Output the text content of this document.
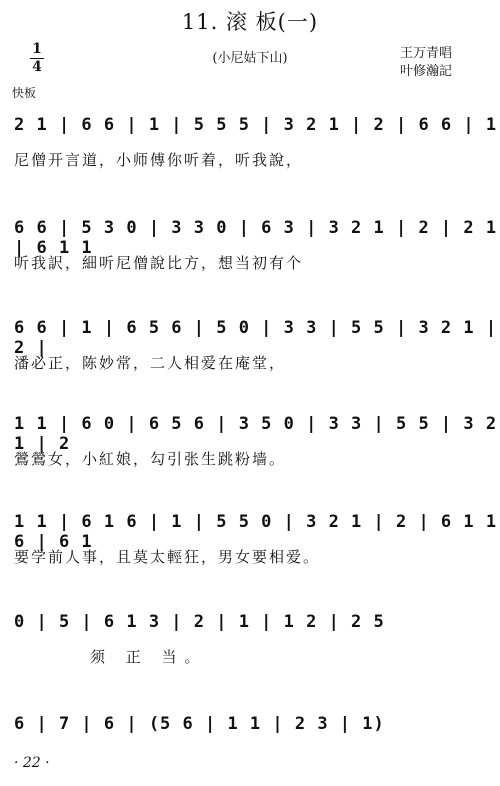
11. 滚 板(一)
(小尼姑下山)	王万青唱
叶修瀚記
1
4
快板
2 1 | 6 6 | 1 | 5 5 5 | 3 2 1 | 2 | 6 6 | 1
尼僧开言道，小师傅你听着，听我說，
6 6 | 5 3 0 | 3 3 0 | 6 3 | 3 2 1 | 2 | 2 1 | 6 1 1
听我訳，細听尼僧說比方，想当初有个
6 6 | 1 | 6 5 6 | 5 0 | 3 3 | 5 5 | 3 2 1 | 2 |
潘必正，陈妙常，二人相爱在庵堂，
1 1 | 6 0 | 6 5 6 | 3 5 0 | 3 3 | 5 5 | 3 2 1 | 2
鶯鶯女，小紅娘，勾引张生跳粉墙。
1 1 | 6 1 6 | 1 | 5 5 0 | 3 2 1 | 2 | 6 1 1 6 | 6 1
要学前人事，且莫太輕狂，男女要相爱。
0 | 5 | 6 1 3 | 2 | 1 | 1 2 | 2 5
须 正 当。
6 | 7 | 6 | (5 6 | 1 1 | 2 3 | 1)
· 22 ·
